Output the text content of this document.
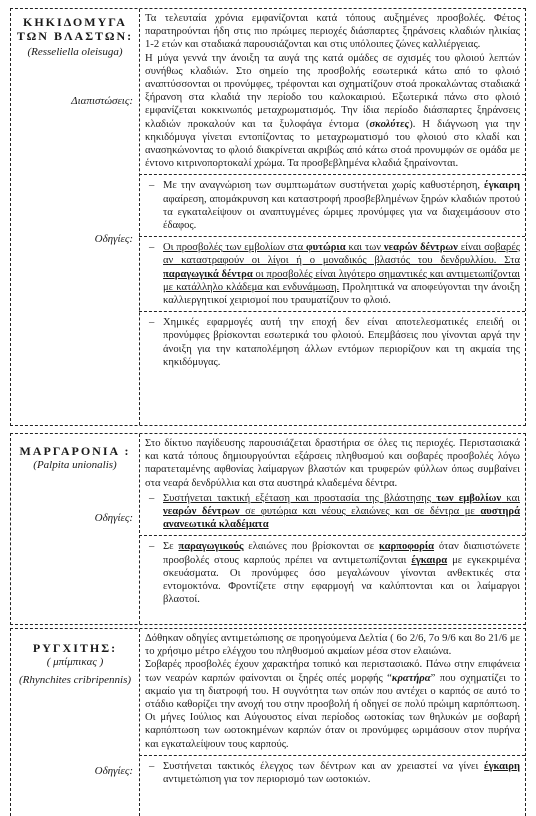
ΚΗΚΙΔΟΜΥΓΑ
ΤΩΝ ΒΛΑΣΤΩΝ:
(Resseliella oleisuga)
Διαπιστώσεις:
Οδηγίες:

Τα τελευταία χρόνια εμφανίζονται κατά τόπους αυξημένες προσβολές. Φέτος παρατηρούνται ήδη στις πιο πρώιμες περιοχές διάσπαρτες ξηράνσεις κλαδιών ηλικίας 1-2 ετών και σταδιακά παρουσιάζονται και στις υπόλοιπες ζώνες καλλιέργειας.

Η μύγα γεννά την άνοιξη τα αυγά της κατά ομάδες σε σχισμές του φλοιού λεπτών συνήθως κλαδιών. Στο σημείο της προσβολής εσωτερικά κάτω από το φλοιό αναπτύσσονται οι προνύμφες, τρέφονται και σχηματίζουν στοά προκαλώντας σταδιακά ξήρανση στα κλαδιά την περίοδο του καλοκαιριού. Εξωτερικά πάνω στο φλοιό εμφανίζεται κοκκινωπός μεταχρωματισμός. Την ίδια περίοδο διάσπαρτες ξηράνσεις κλαδιών προκαλούν και τα ξυλοφάγα έντομα (σκολύτες). Η διάγνωση για την κηκιδόμυγα γίνεται εντοπίζοντας το μεταχρωματισμό του φλοιού στο κλαδί και ανασηκώνοντας το φλοιό διακρίνεται ακριβώς από κάτω στοά προνυμφών σε ομάδα με έντονο κιτρινοπορτοκαλί χρώμα. Τα προσβεβλημένα κλαδιά ξηραίνονται.

– Με την αναγνώριση των συμπτωμάτων συστήνεται χωρίς καθυστέρηση, έγκαιρη αφαίρεση, απομάκρυνση και καταστροφή προσβεβλημένων ξηρών κλαδιών προτού τα εγκαταλείψουν οι αναπτυγμένες ώριμες προνύμφες για να διαχειμάσουν στο έδαφος.
– Οι προσβολές των εμβολίων στα φυτώρια και των νεαρών δέντρων είναι σοβαρές αν καταστραφούν οι λίγοι ή ο μοναδικός βλαστός του δενδρυλλίου. Στα παραγωγικά δέντρα οι προσβολές είναι λιγότερο σημαντικές και αντιμετωπίζονται με κατάλληλο κλάδεμα και ενδυνάμωση. Προληπτικά να αποφεύγονται την άνοιξη καλλιεργητικοί χειρισμοί που τραυματίζουν το φλοιό.
– Χημικές εφαρμογές αυτή την εποχή δεν είναι αποτελεσματικές επειδή οι προνύμφες βρίσκονται εσωτερικά του φλοιού. Επεμβάσεις που γίνονται αργά την άνοιξη για την καταπολέμηση άλλων εντόμων περιορίζουν και τη ακμαία της κηκιδόμυγας.
ΜΑΡΓΑΡΟΝΙΑ :
(Palpita unionalis)
Οδηγίες:

Στο δίκτυο παγίδευσης παρουσιάζεται δραστήρια σε όλες τις περιοχές. Περιστασιακά και κατά τόπους δημιουργούνται εξάρσεις πληθυσμού και σοβαρές προσβολές λόγω παρατεταμένης αφθονίας λαίμαργων βλαστών και τρυφερών φύλλων όπως συμβαίνει στα νεαρά δενδρύλλια και στα αυστηρά κλαδεμένα δέντρα.

– Συστήνεται τακτική εξέταση και προστασία της βλάστησης των εμβολίων και νεαρών δέντρων σε φυτώρια και νέους ελαιώνες και σε δέντρα με αυστηρά ανανεωτικά κλαδέματα
– Σε παραγωγικούς ελαιώνες που βρίσκονται σε καρποφορία όταν διαπιστώνετε προσβολές στους καρπούς πρέπει να αντιμετωπίζονται έγκαιρα με εγκεκριμένα σκευάσματα. Οι προνύμφες όσο μεγαλώνουν γίνονται ανθεκτικές στα εντομοκτόνα. Φροντίζετε στην εφαρμογή να καλύπτονται και οι λαίμαργοι βλαστοί.
ΡΥΓΧΙΤΗΣ:
( μπίμπικας )
(Rhynchites cribripennis)
Οδηγίες:

Δόθηκαν οδηγίες αντιμετώπισης σε προηγούμενα Δελτία ( 6ο 2/6, 7ο 9/6 και 8ο 21/6 με το χρήσιμο μέτρο ελέγχου του πληθυσμού ακμαίων μέσα στον ελαιώνα.

Σοβαρές προσβολές έχουν χαρακτήρα τοπικό και περιστασιακό. Πάνω στην επιφάνεια των νεαρών καρπών φαίνονται οι ξηρές οπές μορφής “κρατήρα” που σχηματίζει το ακμαίο για τη διατροφή του. Η συγνότητα των οπών που αντέχει ο καρπός σε αυτό το στάδιο καθορίζει την ανοχή του στην προσβολή ή οδηγεί σε πολύ πρώιμη καρπόπτωση. Οι μήνες Ιούλιος και Αύγουστος είναι περίοδος ωοτοκίας των θηλυκών με σοβαρή καρπόπτωση των ωοτοκημένων καρπών όταν οι προνύμφες ωριμάσουν στον πυρήνα και εγκαταλείψουν τους καρπούς.

– Συστήνεται τακτικός έλεγχος των δέντρων και αν χρειαστεί να γίνει έγκαιρη αντιμετώπιση για τον περιορισμό των ωοτοκιών.
